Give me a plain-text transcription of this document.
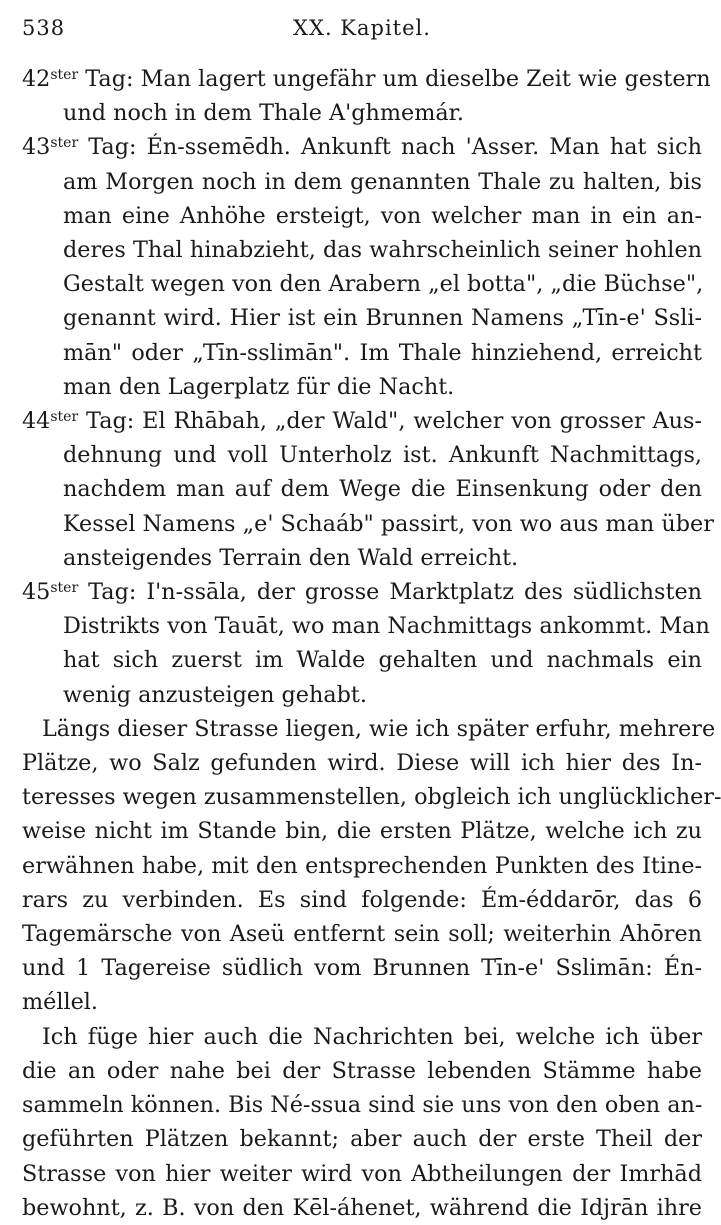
538	XX. Kapitel.
$42^{ster}$ Tag: Man lagert ungefähr um dieselbe Zeit wie gestern
und noch in dem Thale A'ghmemár.
$43^{ster}$ Tag: Én-ssemēdh. Ankunft nach 'Asser. Man hat sich
am Morgen noch in dem genannten Thale zu halten, bis
man eine Anhöhe ersteigt, von welcher man in ein an-
deres Thal hinabzieht, das wahrscheinlich seiner hohlen
Gestalt wegen von den Arabern „el botta", „die Büchse",
genannt wird. Hier ist ein Brunnen Namens „Tīn-e' Ssli-
mān" oder „Tīn-sslimān". Im Thale hinziehend, erreicht
man den Lagerplatz für die Nacht.
$44^{ster}$ Tag: El Rhābah, „der Wald", welcher von grosser Aus-
dehnung und voll Unterholz ist. Ankunft Nachmittags,
nachdem man auf dem Wege die Einsenkung oder den
Kessel Namens „e' Schaáb" passirt, von wo aus man über
ansteigendes Terrain den Wald erreicht.
$45^{ster}$ Tag: I'n-ssāla, der grosse Marktplatz des südlichsten
Distrikts von Tauāt, wo man Nachmittags ankommt. Man
hat sich zuerst im Walde gehalten und nachmals ein
wenig anzusteigen gehabt.
Längs dieser Strasse liegen, wie ich später erfuhr, mehrere
Plätze, wo Salz gefunden wird. Diese will ich hier des In-
teresses wegen zusammenstellen, obgleich ich unglücklicher-
weise nicht im Stande bin, die ersten Plätze, welche ich zu
erwähnen habe, mit den entsprechenden Punkten des Itine-
rars zu verbinden. Es sind folgende: Ém-éddarōr, das 6
Tagemärsche von Aseü entfernt sein soll; weiterhin Ahōren
und 1 Tagereise südlich vom Brunnen Tīn-e' Sslimān: Én-
méllel.
Ich füge hier auch die Nachrichten bei, welche ich über
die an oder nahe bei der Strasse lebenden Stämme habe
sammeln können. Bis Né-ssua sind sie uns von den oben an-
geführten Plätzen bekannt; aber auch der erste Theil der
Strasse von hier weiter wird von Abtheilungen der Imrhād
bewohnt, z. B. von den Kēl-áhenet, während die Idjrān ihre
